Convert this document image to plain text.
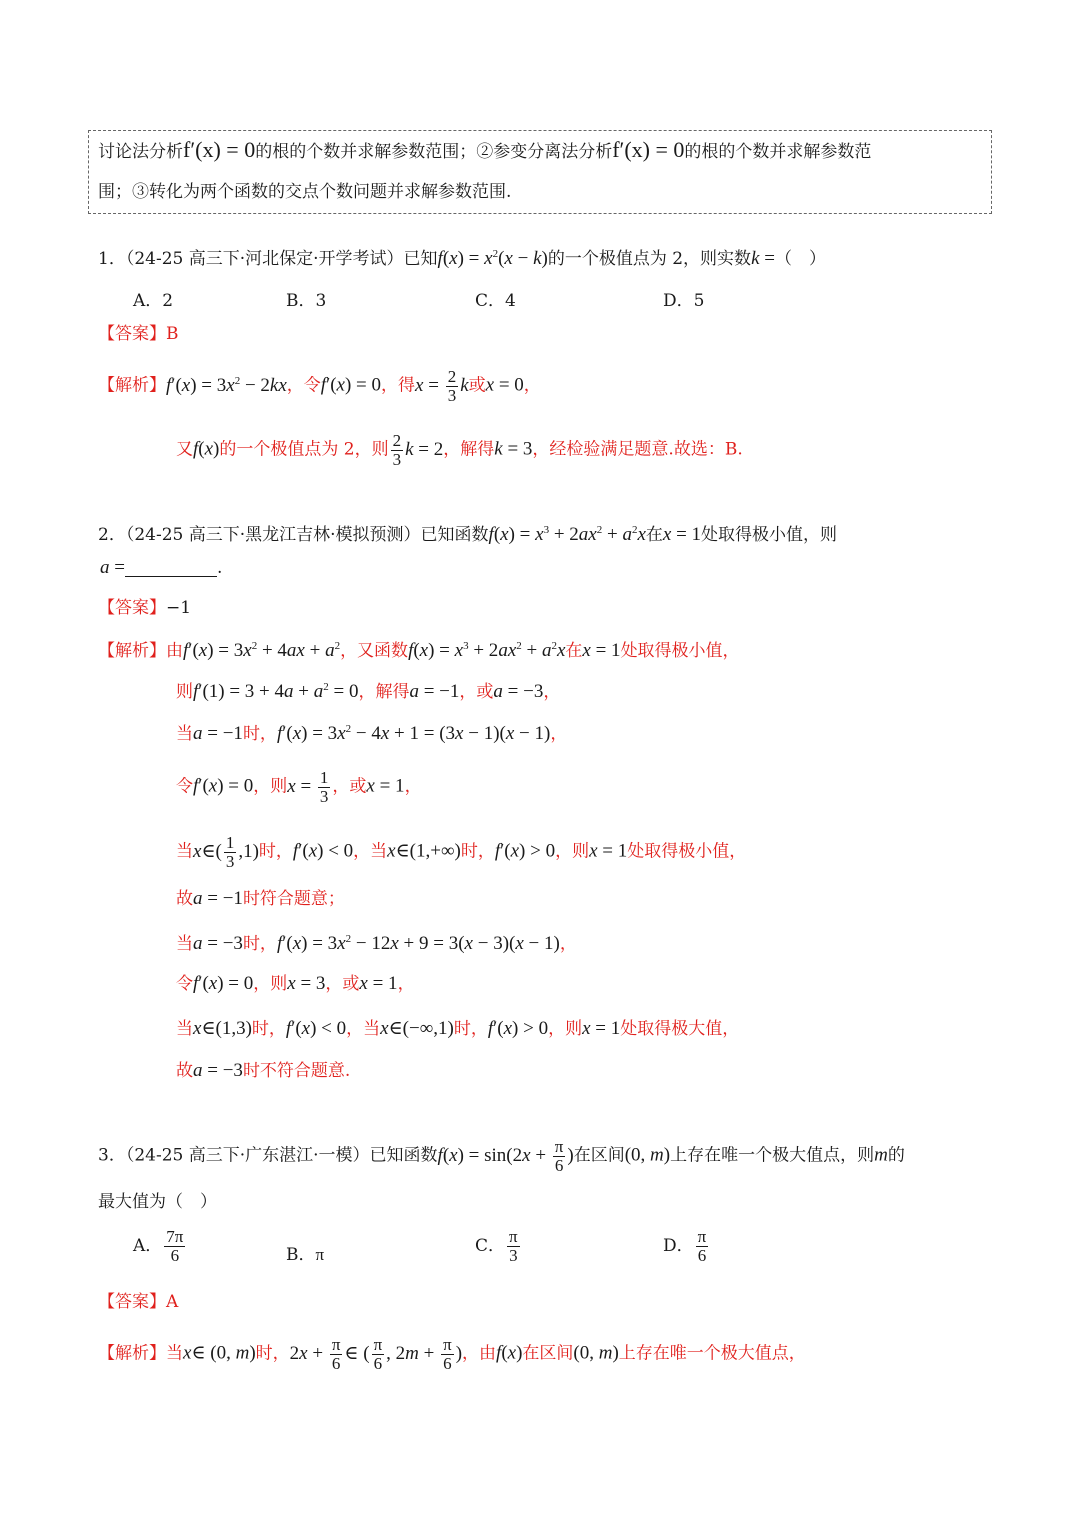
讨论法分析f′(x) = 0的根的个数并求解参数范围；②参变分离法分析f′(x) = 0的根的个数并求解参数范
围；③转化为两个函数的交点个数问题并求解参数范围.
1．（24-25 高三下·河北保定·开学考试）已知$f(x) = x^2(x - k)$的一个极值点为 2，则实数k =（　）
A．2	B．3	C．4	D．5
【答案】B
【解析】$f'(x) = 3x^2 - 2kx$，令f′(x) = 0，得$x = \frac{2}{3}$ k或x = 0，
又f(x)的一个极值点为 2，则 $\frac{2}{3}$ k = 2，解得k = 3，经检验满足题意.故选：B.
2．（24-25 高三下·黑龙江吉林·模拟预测）已知函数$f(x) = x^3 + 2ax^2 + a^2x$在x = 1处取得极小值，则
a =	.
【答案】−1
【解析】由$f'(x) = 3x^2 + 4ax + a^2$，又函数$f(x) = x^3 + 2ax^2 + a^2x$在x = 1处取得极小值，
则$f'(1) = 3 + 4a + a^2 = 0$，解得a = −1，或a = −3，
当a = −1时，$f'(x) = 3x^2 - 4x + 1 = (3x - 1)(x - 1)$，
令f′(x) = 0，则$x = \frac{1}{3}$ ，或x = 1，
当x∈( $\frac{1}{3} ,1$)时，f′(x) < 0，当x∈(1,+∞)时，f′(x) > 0，则x = 1处取得极小值，
故a = −1时符合题意；
当a = −3时，$f'(x) = 3x^2 - 12x + 9 = 3(x - 3)(x - 1)$，
令f′(x) = 0，则x = 3，或x = 1，
当x∈(1,3)时，f′(x) < 0，当x∈(−∞,1)时，f′(x) > 0，则x = 1处取得极大值，
故a = −3时不符合题意.
3．（24-25 高三下·广东湛江·一模）已知函数$f(x) = \sin(2x + \frac{\pi}{6}$ )在区间(0, m)上存在唯一个极大值点，则m的
最大值为（　）
A． $\frac{7\pi}{6}$	B．π	C． $\frac{\pi}{3}$	D． $\frac{\pi}{6}$
【答案】A
【解析】当x∈ (0, m)时，$2x + \frac{\pi}{6}$ ∈ ( $\frac{\pi}{6}$ , $2m + \frac{\pi}{6}$ )，由f(x)在区间(0, m)上存在唯一个极大值点，
